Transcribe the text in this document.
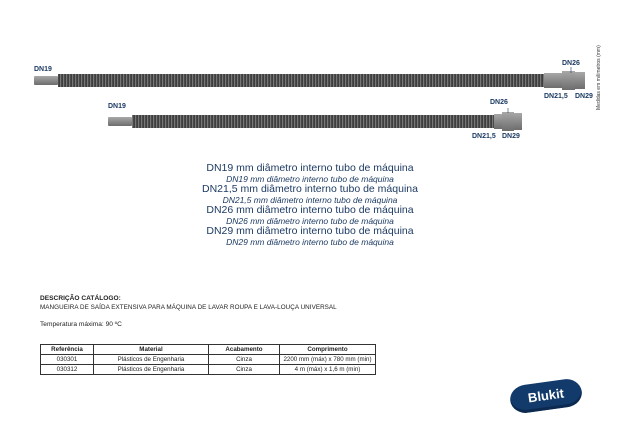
DN19
DN26
DN21,5 DN29
DN19
DN26
DN21,5 DN29
Medidas em milímetros (mm)
DN19 mm diâmetro interno tubo de máquina
DN19 mm diâmetro interno tubo de máquina
DN21,5 mm diâmetro interno tubo de máquina
DN21,5 mm diâmetro interno tubo de máquina
DN26 mm diâmetro interno tubo de máquina
DN26 mm diâmetro interno tubo de máquina
DN29 mm diâmetro interno tubo de máquina
DN29 mm diâmetro interno tubo de máquina
DESCRIÇÃO CATÁLOGO:
MANGUEIRA DE SAÍDA EXTENSIVA PARA MÁQUINA DE LAVAR ROUPA E LAVA-LOUÇA UNIVERSAL
Temperatura máxima: 90 ºC
Referência	Material	Acabamento	Comprimento
030301	Plásticos de Engenharia	Cinza	2200 mm (máx) x 780 mm (min)
030312	Plásticos de Engenharia	Cinza	4 m (máx) x 1,6 m (min)
Blukit
